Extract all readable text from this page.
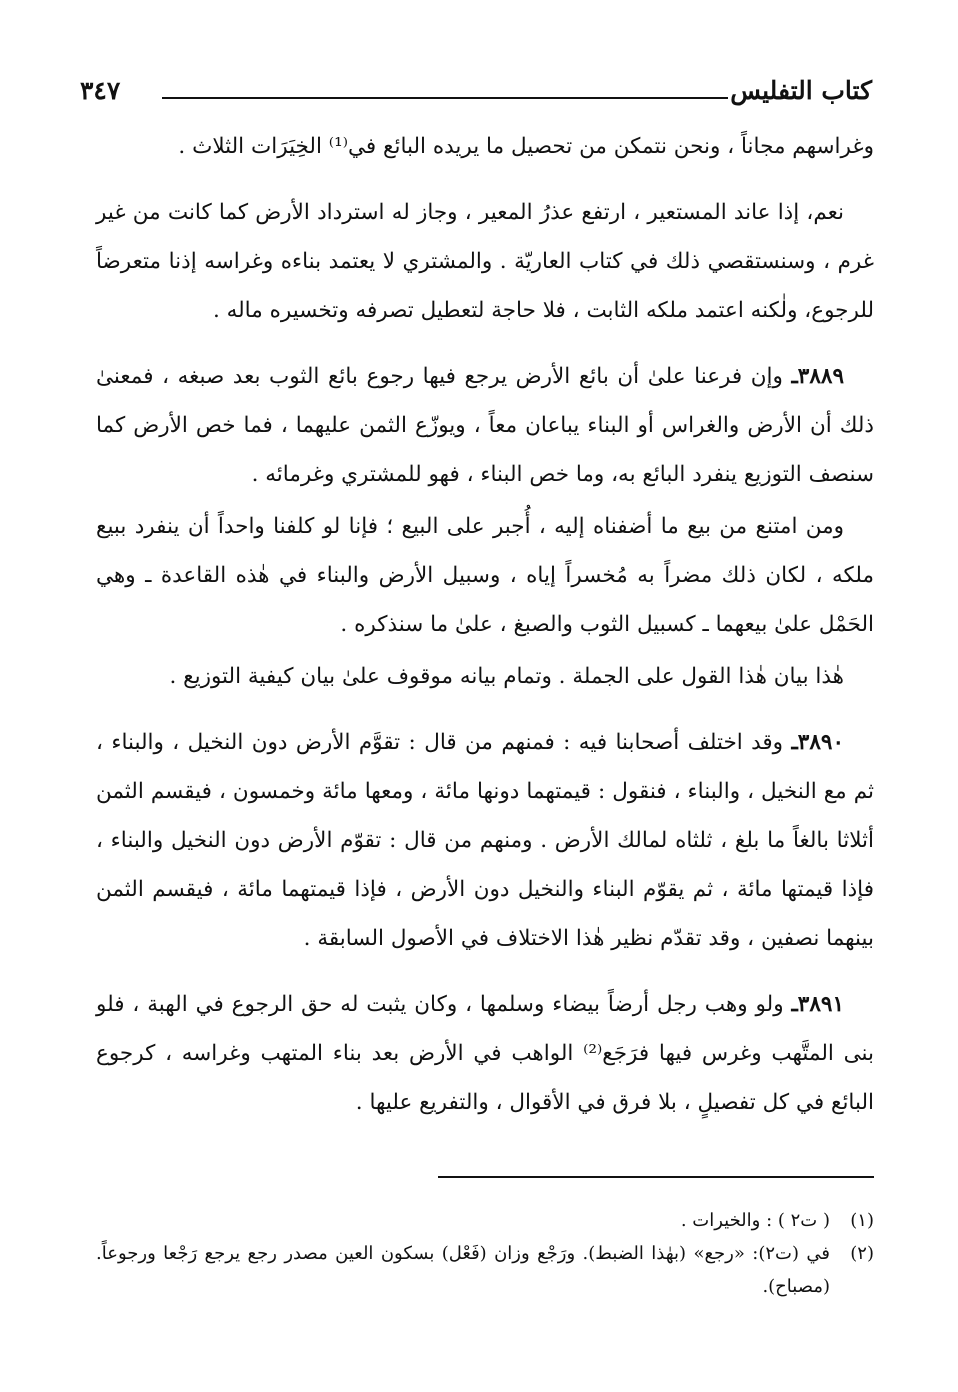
كتاب التفليس
٣٤٧

وغراسهم مجاناً ، ونحن نتمكن من تحصيل ما يريده البائع في⁽¹⁾ الخِيَرَات الثلاث .

نعم، إذا عاند المستعير ، ارتفع عذرُ المعير ، وجاز له استرداد الأرض كما كانت من غير غرم ، وسنستقصي ذلك في كتاب العاريّة . والمشتري لا يعتمد بناءه وغراسه إذنا متعرضاً للرجوع، ولٰكنه اعتمد ملكه الثابت ، فلا حاجة لتعطيل تصرفه وتخسيره ماله .

٣٨٨٩ـ وإن فرعنا علىٰ أن بائع الأرض يرجع فيها رجوع بائع الثوب بعد صبغه ، فمعنىٰ ذلك أن الأرض والغراس أو البناء يباعان معاً ، ويوزّع الثمن عليهما ، فما خص الأرض كما سنصف التوزيع ينفرد البائع به، وما خص البناء ، فهو للمشتري وغرمائه .

ومن امتنع من بيع ما أضفناه إليه ، أُجبر على البيع ؛ فإنا لو كلفنا واحداً أن ينفرد ببيع ملكه ، لكان ذلك مضراً به مُخسراً إياه ، وسبيل الأرض والبناء في هٰذه القاعدة ـ وهي الحَمْل علىٰ بيعهما ـ كسبيل الثوب والصبغ ، علىٰ ما سنذكره .

هٰذا بيان هٰذا القول على الجملة . وتمام بيانه موقوف علىٰ بيان كيفية التوزيع .

٣٨٩٠ـ وقد اختلف أصحابنا فيه : فمنهم من قال : تقوَّم الأرض دون النخيل ، والبناء ، ثم مع النخيل ، والبناء ، فنقول : قيمتهما دونها مائة ، ومعها مائة وخمسون ، فيقسم الثمن أثلاثا بالغاً ما بلغ ، ثلثاه لمالك الأرض . ومنهم من قال : تقوّم الأرض دون النخيل والبناء ، فإذا قيمتها مائة ، ثم يقوّم البناء والنخيل دون الأرض ، فإذا قيمتهما مائة ، فيقسم الثمن بينهما نصفين ، وقد تقدّم نظير هٰذا الاختلاف في الأصول السابقة .

٣٨٩١ـ ولو وهب رجل أرضاً بيضاء وسلمها ، وكان يثبت له حق الرجوع في الهبة ، فلو بنى المتَّهب وغرس فيها فرَجَع⁽²⁾ الواهب في الأرض بعد بناء المتهب وغراسه ، كرجوع البائع في كل تفصيلٍ ، بلا فرق في الأقوال ، والتفريع عليها .

(١)
( ت٢ ) : والخيرات .
(٢)
في (ت٢): «رجع» (بهٰذا الضبط). ورَجْع وزان (فَعْل) بسكون العين مصدر رجع يرجع رَجْعا ورجوعاً. (مصباح).
